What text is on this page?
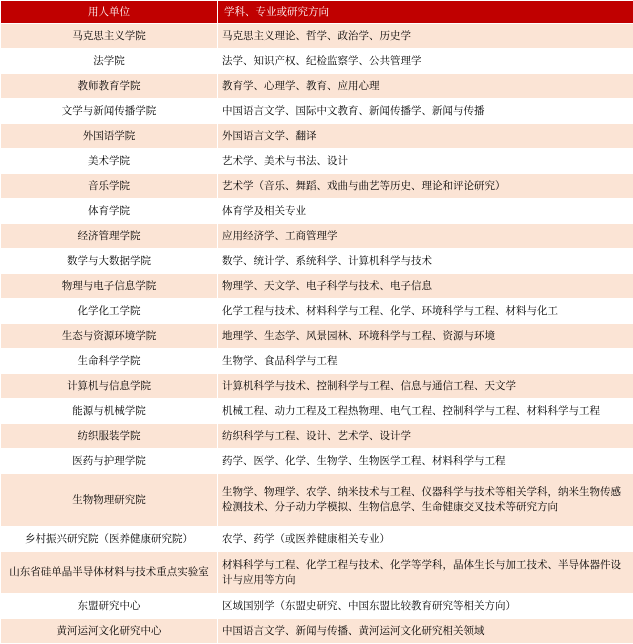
用人单位	学科、专业或研究方向
马克思主义学院	马克思主义理论、哲学、政治学、历史学
法学院	法学、知识产权、纪检监察学、公共管理学
教师教育学院	教育学、心理学、教育、应用心理
文学与新闻传播学院	中国语言文学、国际中文教育、新闻传播学、新闻与传播
外国语学院	外国语言文学、翻译
美术学院	艺术学、美术与书法、设计
音乐学院	艺术学（音乐、舞蹈、戏曲与曲艺等历史、理论和评论研究）
体育学院	体育学及相关专业
经济管理学院	应用经济学、工商管理学
数学与大数据学院	数学、统计学、系统科学、计算机科学与技术
物理与电子信息学院	物理学、天文学、电子科学与技术、电子信息
化学化工学院	化学工程与技术、材料科学与工程、化学、环境科学与工程、材料与化工
生态与资源环境学院	地理学、生态学、风景园林、环境科学与工程、资源与环境
生命科学学院	生物学、食品科学与工程
计算机与信息学院	计算机科学与技术、控制科学与工程、信息与通信工程、天文学
能源与机械学院	机械工程、动力工程及工程热物理、电气工程、控制科学与工程、材料科学与工程
纺织服装学院	纺织科学与工程、设计、艺术学、设计学
医药与护理学院	药学、医学、化学、生物学、生物医学工程、材料科学与工程
生物物理研究院	生物学、物理学、农学、纳米技术与工程、仪器科学与技术等相关学科，纳米生物传感检测技术、分子动力学模拟、生物信息学、生命健康交叉技术等研究方向
乡村振兴研究院（医养健康研究院）	农学、药学（或医养健康相关专业）
山东省硅单晶半导体材料与技术重点实验室	材料科学与工程、化学工程与技术、化学等学科，晶体生长与加工技术、半导体器件设计与应用等方向
东盟研究中心	区域国别学（东盟史研究、中国东盟比较教育研究等相关方向）
黄河运河文化研究中心	中国语言文学、新闻与传播、黄河运河文化研究相关领域
